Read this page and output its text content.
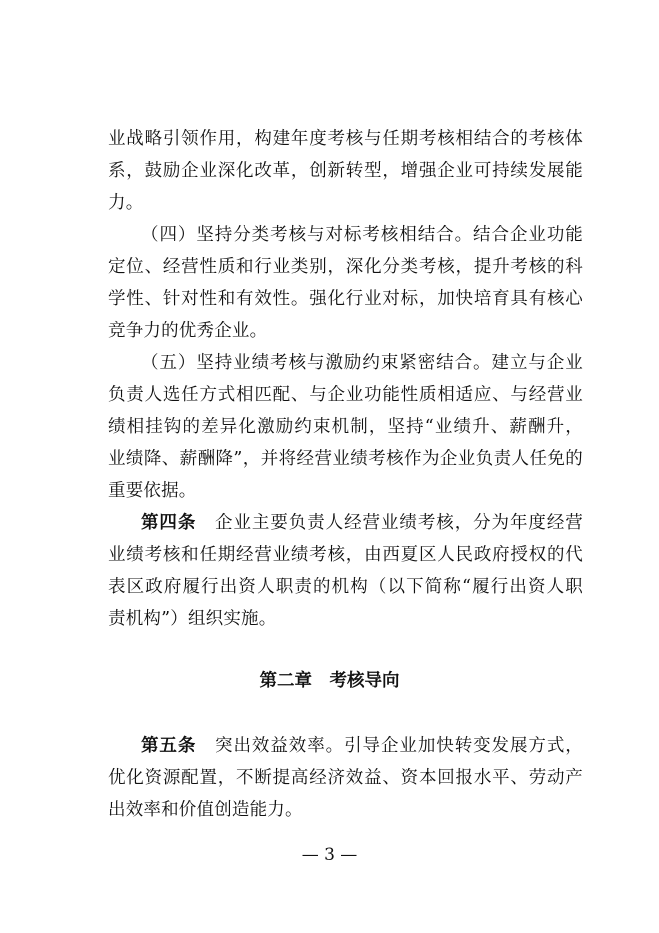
业战略引领作用，构建年度考核与任期考核相结合的考核体
系，鼓励企业深化改革，创新转型，增强企业可持续发展能
力。
（四）坚持分类考核与对标考核相结合。结合企业功能
定位、经营性质和行业类别，深化分类考核，提升考核的科
学性、针对性和有效性。强化行业对标，加快培育具有核心
竞争力的优秀企业。
（五）坚持业绩考核与激励约束紧密结合。建立与企业
负责人选任方式相匹配、与企业功能性质相适应、与经营业
绩相挂钩的差异化激励约束机制，坚持“业绩升、薪酬升，
业绩降、薪酬降”，并将经营业绩考核作为企业负责人任免的
重要依据。
第四条 企业主要负责人经营业绩考核，分为年度经营
业绩考核和任期经营业绩考核，由西夏区人民政府授权的代
表区政府履行出资人职责的机构（以下简称“履行出资人职
责机构”）组织实施。
第二章　考核导向
第五条 突出效益效率。引导企业加快转变发展方式，
优化资源配置，不断提高经济效益、资本回报水平、劳动产
出效率和价值创造能力。
— 3 —
